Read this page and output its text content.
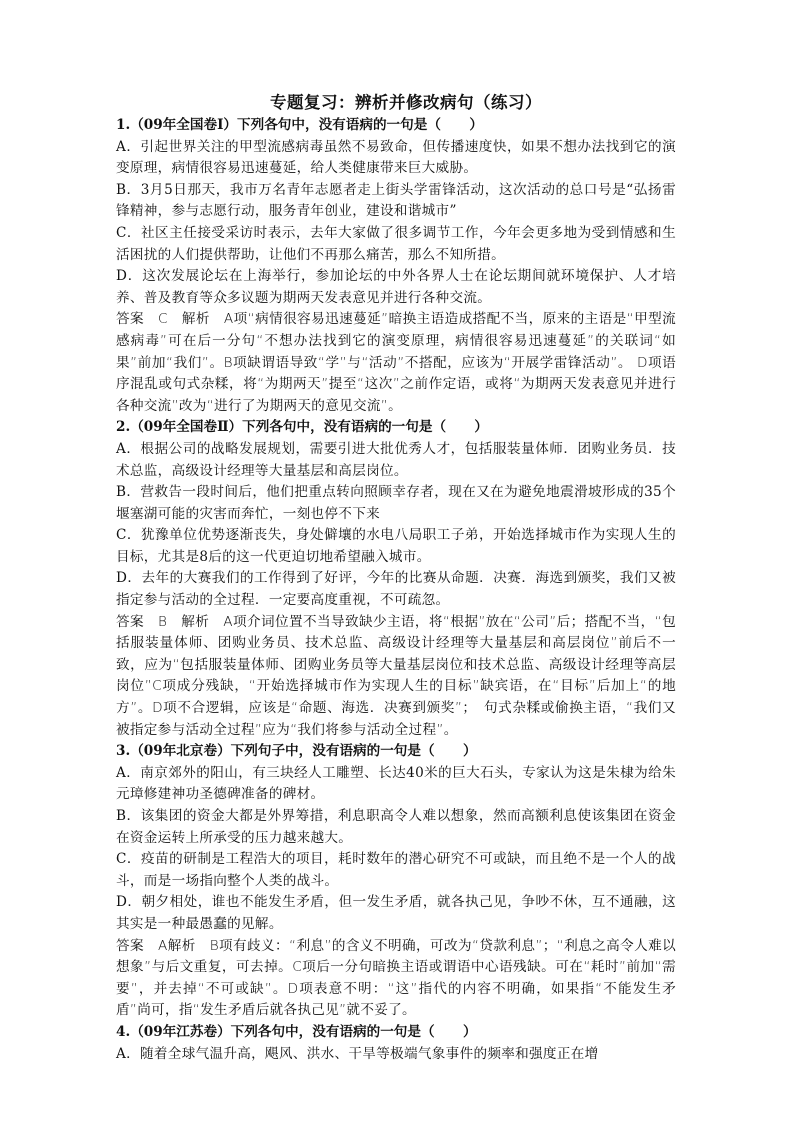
专题复习：辨析并修改病句（练习）
1.（09年全国卷Ⅰ）下列各句中，没有语病的一句是（      ）
A．引起世界关注的甲型流感病毒虽然不易致命，但传播速度快，如果不想办法找到它的演变原理，病情很容易迅速蔓延，给人类健康带来巨大威胁。
B．3月5日那天，我市万名青年志愿者走上街头学雷锋活动，这次活动的总口号是“弘扬雷锋精神，参与志愿行动，服务青年创业，建设和谐城市”
C．社区主任接受采访时表示，去年大家做了很多调节工作，今年会更多地为受到情感和生活困扰的人们提供帮助，让他们不再那么痛苦，那么不知所措。
D．这次发展论坛在上海举行，参加论坛的中外各界人士在论坛期间就环境保护、人才培养、普及教育等众多议题为期两天发表意见并进行各种交流。
答案　C　解析　A项“病情很容易迅速蔓延”暗换主语造成搭配不当，原来的主语是“甲型流感病毒”可在后一分句“不想办法找到它的演变原理，病情很容易迅速蔓延”的关联词“如果”前加“我们”。B项缺谓语导致“学”与“活动”不搭配，应该为“开展学雷锋活动”。 D项语序混乱或句式杂糅，将“为期两天”提至“这次”之前作定语，或将“为期两天发表意见并进行各种交流”改为“进行了为期两天的意见交流”。
2.（09年全国卷Ⅱ）下列各句中，没有语病的一句是（      ）
A．根据公司的战略发展规划，需要引进大批优秀人才，包括服装量体师．团购业务员．技术总监，高级设计经理等大量基层和高层岗位。
B．营救告一段时间后，他们把重点转向照顾幸存者，现在又在为避免地震滑坡形成的35个堰塞湖可能的灾害而奔忙，一刻也停不下来
C．犹豫单位优势逐渐丧失，身处僻壤的水电八局职工子弟，开始选择城市作为实现人生的目标，尤其是8后的这一代更迫切地希望融入城市。
D．去年的大赛我们的工作得到了好评，今年的比赛从命题．决赛．海选到颁奖，我们又被指定参与活动的全过程．一定要高度重视，不可疏忽。
答案　B　解析　A项介词位置不当导致缺少主语，将“根据”放在“公司”后；搭配不当，“包括服装量体师、团购业务员、技术总监、高级设计经理等大量基层和高层岗位”前后不一致，应为“包括服装量体师、团购业务员等大量基层岗位和技术总监、高级设计经理等高层岗位”C项成分残缺，“开始选择城市作为实现人生的目标”缺宾语，在“目标”后加上“的地方”。D项不合逻辑，应该是“命题、海选．决赛到颁奖”；　句式杂糅或偷换主语，“我们又被指定参与活动全过程”应为“我们将参与活动全过程”。
3.（09年北京卷）下列句子中，没有语病的一句是（      ）
A．南京郊外的阳山，有三块经人工雕塑、长达40米的巨大石头，专家认为这是朱棣为给朱元璋修建神功圣德碑准备的碑材。
B．该集团的资金大都是外界筹措，利息职高令人难以想象，然而高额利息使该集团在资金在资金运转上所承受的压力越来越大。
C．疫苗的研制是工程浩大的项目，耗时数年的潜心研究不可或缺，而且绝不是一个人的战斗，而是一场指向整个人类的战斗。
D．朝夕相处，谁也不能发生矛盾，但一发生矛盾，就各执己见，争吵不休，互不通融，这其实是一种最愚蠢的见解。
答案　A解析　B项有歧义：“利息”的含义不明确，可改为“贷款利息”；“利息之高令人难以想象”与后文重复，可去掉。C项后一分句暗换主语或谓语中心语残缺。可在“耗时”前加“需要”，并去掉“不可或缺”。D项表意不明：“这”指代的内容不明确，如果指“不能发生矛盾”尚可，指“发生矛盾后就各执己见”就不妥了。
4.（09年江苏卷）下列各句中，没有语病的一句是（      ）
A．随着全球气温升高，飓风、洪水、干旱等极端气象事件的频率和强度正在增
